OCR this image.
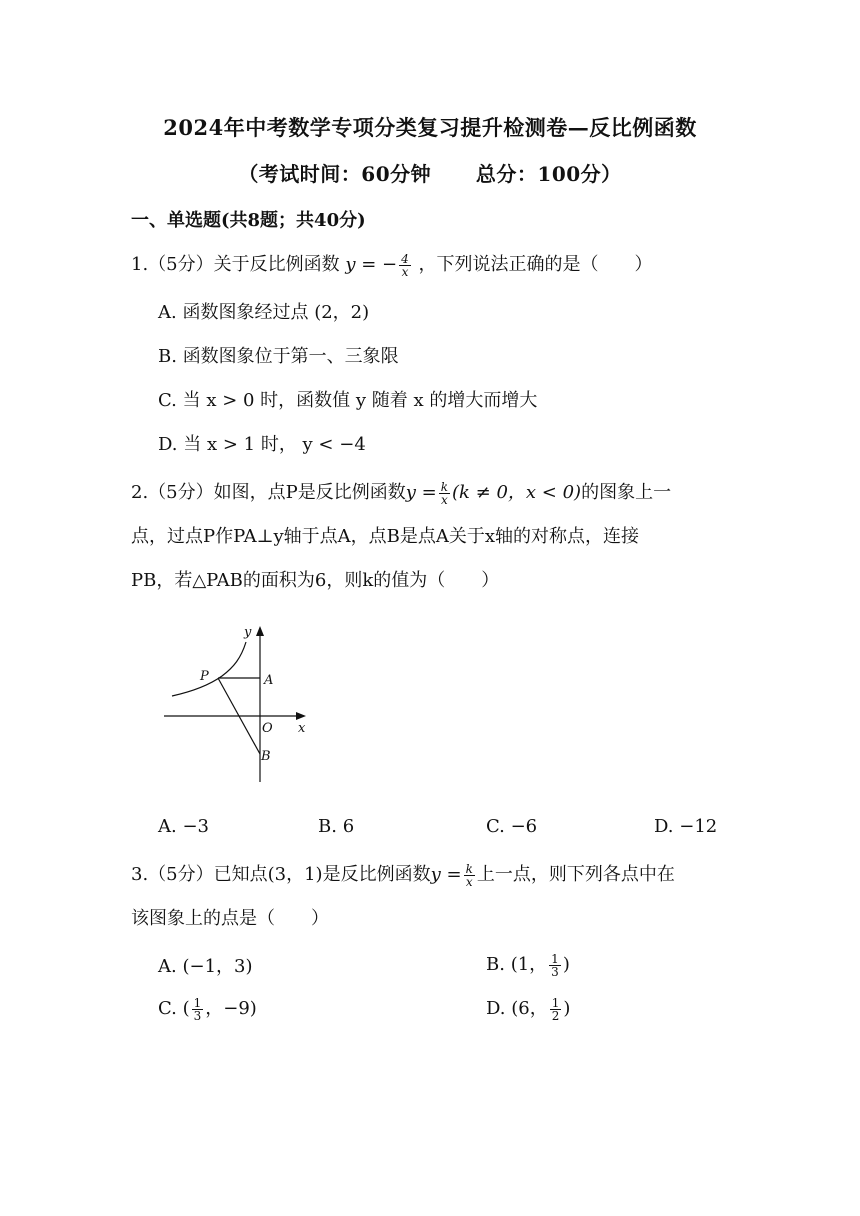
2024年中考数学专项分类复习提升检测卷—反比例函数
（考试时间：60分钟      总分：100分）
一、单选题(共8题；共40分)
1.（5分）关于反比例函数 y = − $\frac{4}{x}$ ，下列说法正确的是（　　）
A. 函数图象经过点 (2，2)
B. 函数图象位于第一、三象限
C. 当 x > 0 时，函数值 y 随着 x 的增大而增大
D. 当 x > 1 时， y < −4
2.（5分）如图，点P是反比例函数$y = \frac{k}{x} (k \ne 0$，x < 0)的图象上一
点，过点P作PA⊥y轴于点A，点B是点A关于x轴的对称点，连接
PB，若△PAB的面积为6，则k的值为（　　）
y
x
P	A
O
B
A. −3	B. 6	C. −6	D. −12
3.（5分）已知点(3，1)是反比例函数$y = \frac{k}{x}$ 上一点，则下列各点中在
该图象上的点是（　　）
A. (−1，3)	B. (1， $\frac{1}{3}$ )
C. ( $\frac{1}{3}$ ，−9)	D. (6， $\frac{1}{2}$ )
